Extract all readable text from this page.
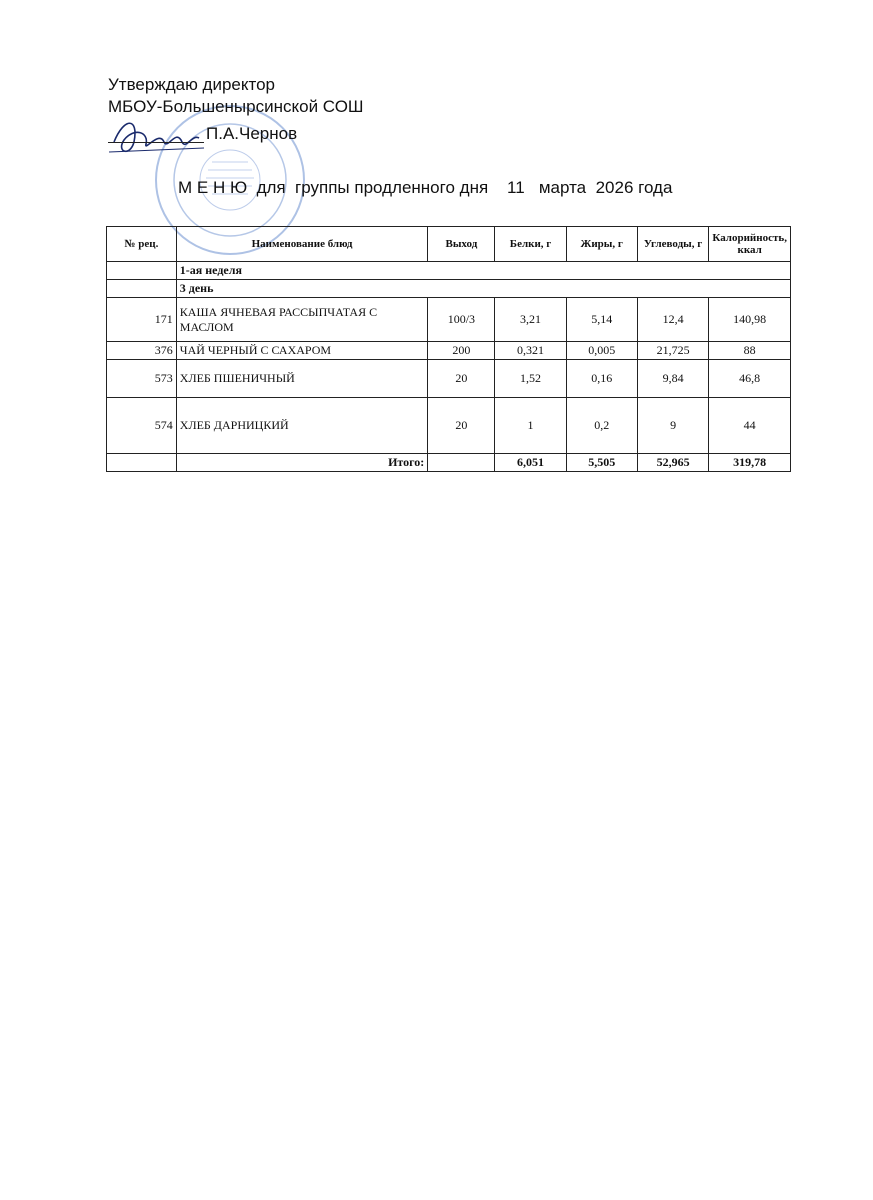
Утверждаю директор
МБОУ-Большенырсинской СОШ
П.А.Чернов
М Е Н Ю  для  группы продленного дня    11   марта  2026 года
№ рец.	Наименование блюд	Выход	Белки, г	Жиры, г	Углеводы, г	Калорийность, ккал
	1-ая неделя					
	3 день					
171	КАША ЯЧНЕВАЯ РАССЫПЧАТАЯ С МАСЛОМ	100/3	3,21	5,14	12,4	140,98
376	ЧАЙ ЧЕРНЫЙ С САХАРОМ	200	0,321	0,005	21,725	88
573	ХЛЕБ ПШЕНИЧНЫЙ	20	1,52	0,16	9,84	46,8
574	ХЛЕБ ДАРНИЦКИЙ	20	1	0,2	9	44
	Итого:		6,051	5,505	52,965	319,78
